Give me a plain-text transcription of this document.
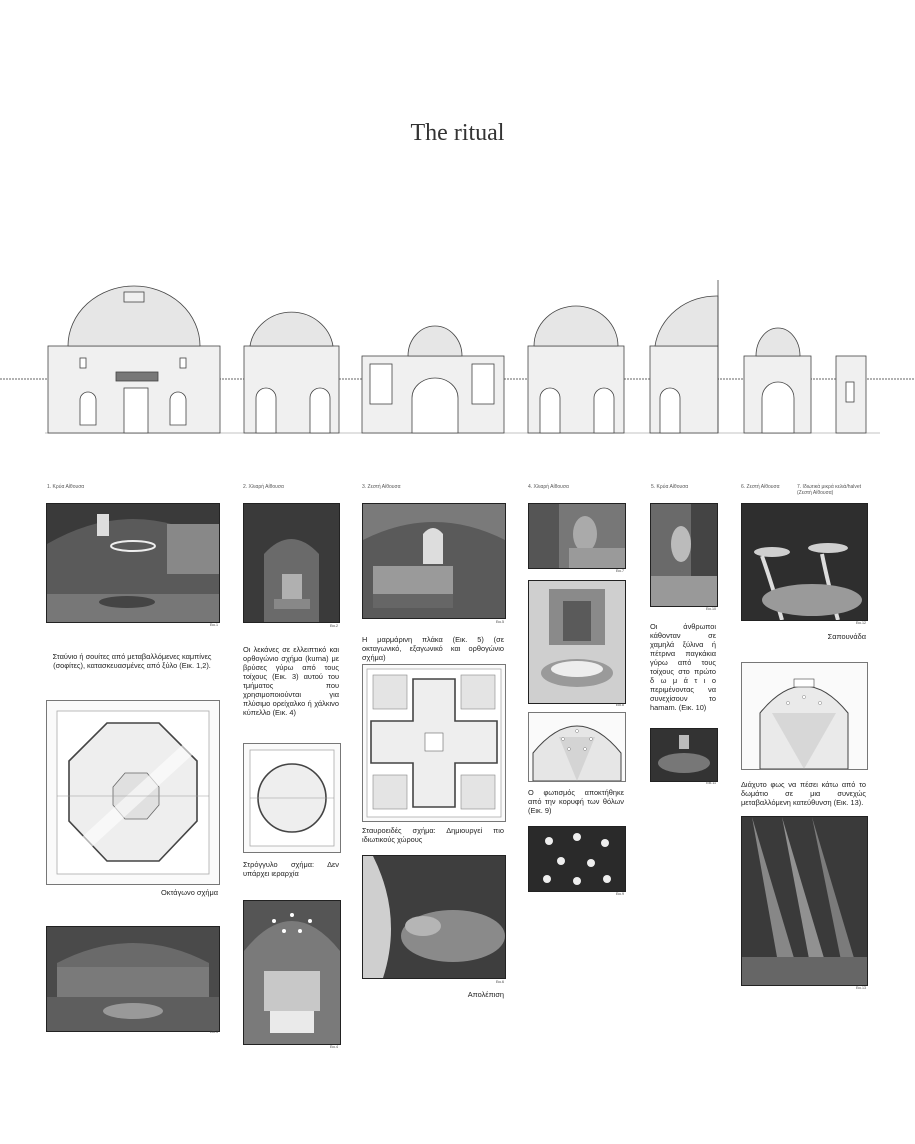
The ritual
1. Κρύα Αίθουσα	2. Χλιαρή Αίθουσα	3. Ζεστή Αίθουσα	4. Χλιαρή Αίθουσα	5. Κρύα Αίθουσα	6. Ζεστή Αίθουσα	7. Ιδιωτικά μικρά κελιά/halvet
(Ζεστή Αίθουσα)
Εικ.1
Σταύνιο ή σουίτες από μεταβαλλόμενες καμπίνες (σοφίτες), κατασκευασμένες από ξύλο (Εικ. 1,2).
Οκτάγωνο σχήμα
Εικ.3
Εικ.2
Οι λεκάνες σε ελλειπτικό και ορθογώνιο σχήμα (kurna) με βρύσες γύρω από τους τοίχους (Εικ. 3) αυτού του τμήματος που χρησιμοποιούνται για πλύσιμο ορείχαλκο ή χάλκινο κύπελλο (Εικ. 4)
Στρόγγυλο σχήμα: Δεν υπάρχει ιεραρχία
Εικ.4
Εικ.5
Η μαρμάρινη πλάκα (Εικ. 5) (σε οκταγωνικό, εξαγωνικό και ορθογώνιο σχήμα)
Σταυροειδές σχήμα: Δημιουργεί πιο ιδιωτικούς χώρους
Εικ.6
Απολέπιση
Εικ.7
Εικ.8
Ο φωτισμός αποκτήθηκε από την κορυφή των θόλων (Εικ. 9)
Εικ.9
Εικ.10
Οι άνθρωποι κάθονταν σε χαμηλά ξύλινα ή πέτρινα παγκάκια γύρω από τους τοίχους στο πρώτο δ ω μ ά τ ι ο περιμένοντας να συνεχίσουν το hamam. (Εικ. 10)
Εικ.11
Εικ.12
Σαπουνάδα
Διάχυτο φως να πέσει κάτω από το δωμάτιο σε μια συνεχώς μεταβαλλόμενη κατεύθυνση (Εικ. 13).
Εικ.13
